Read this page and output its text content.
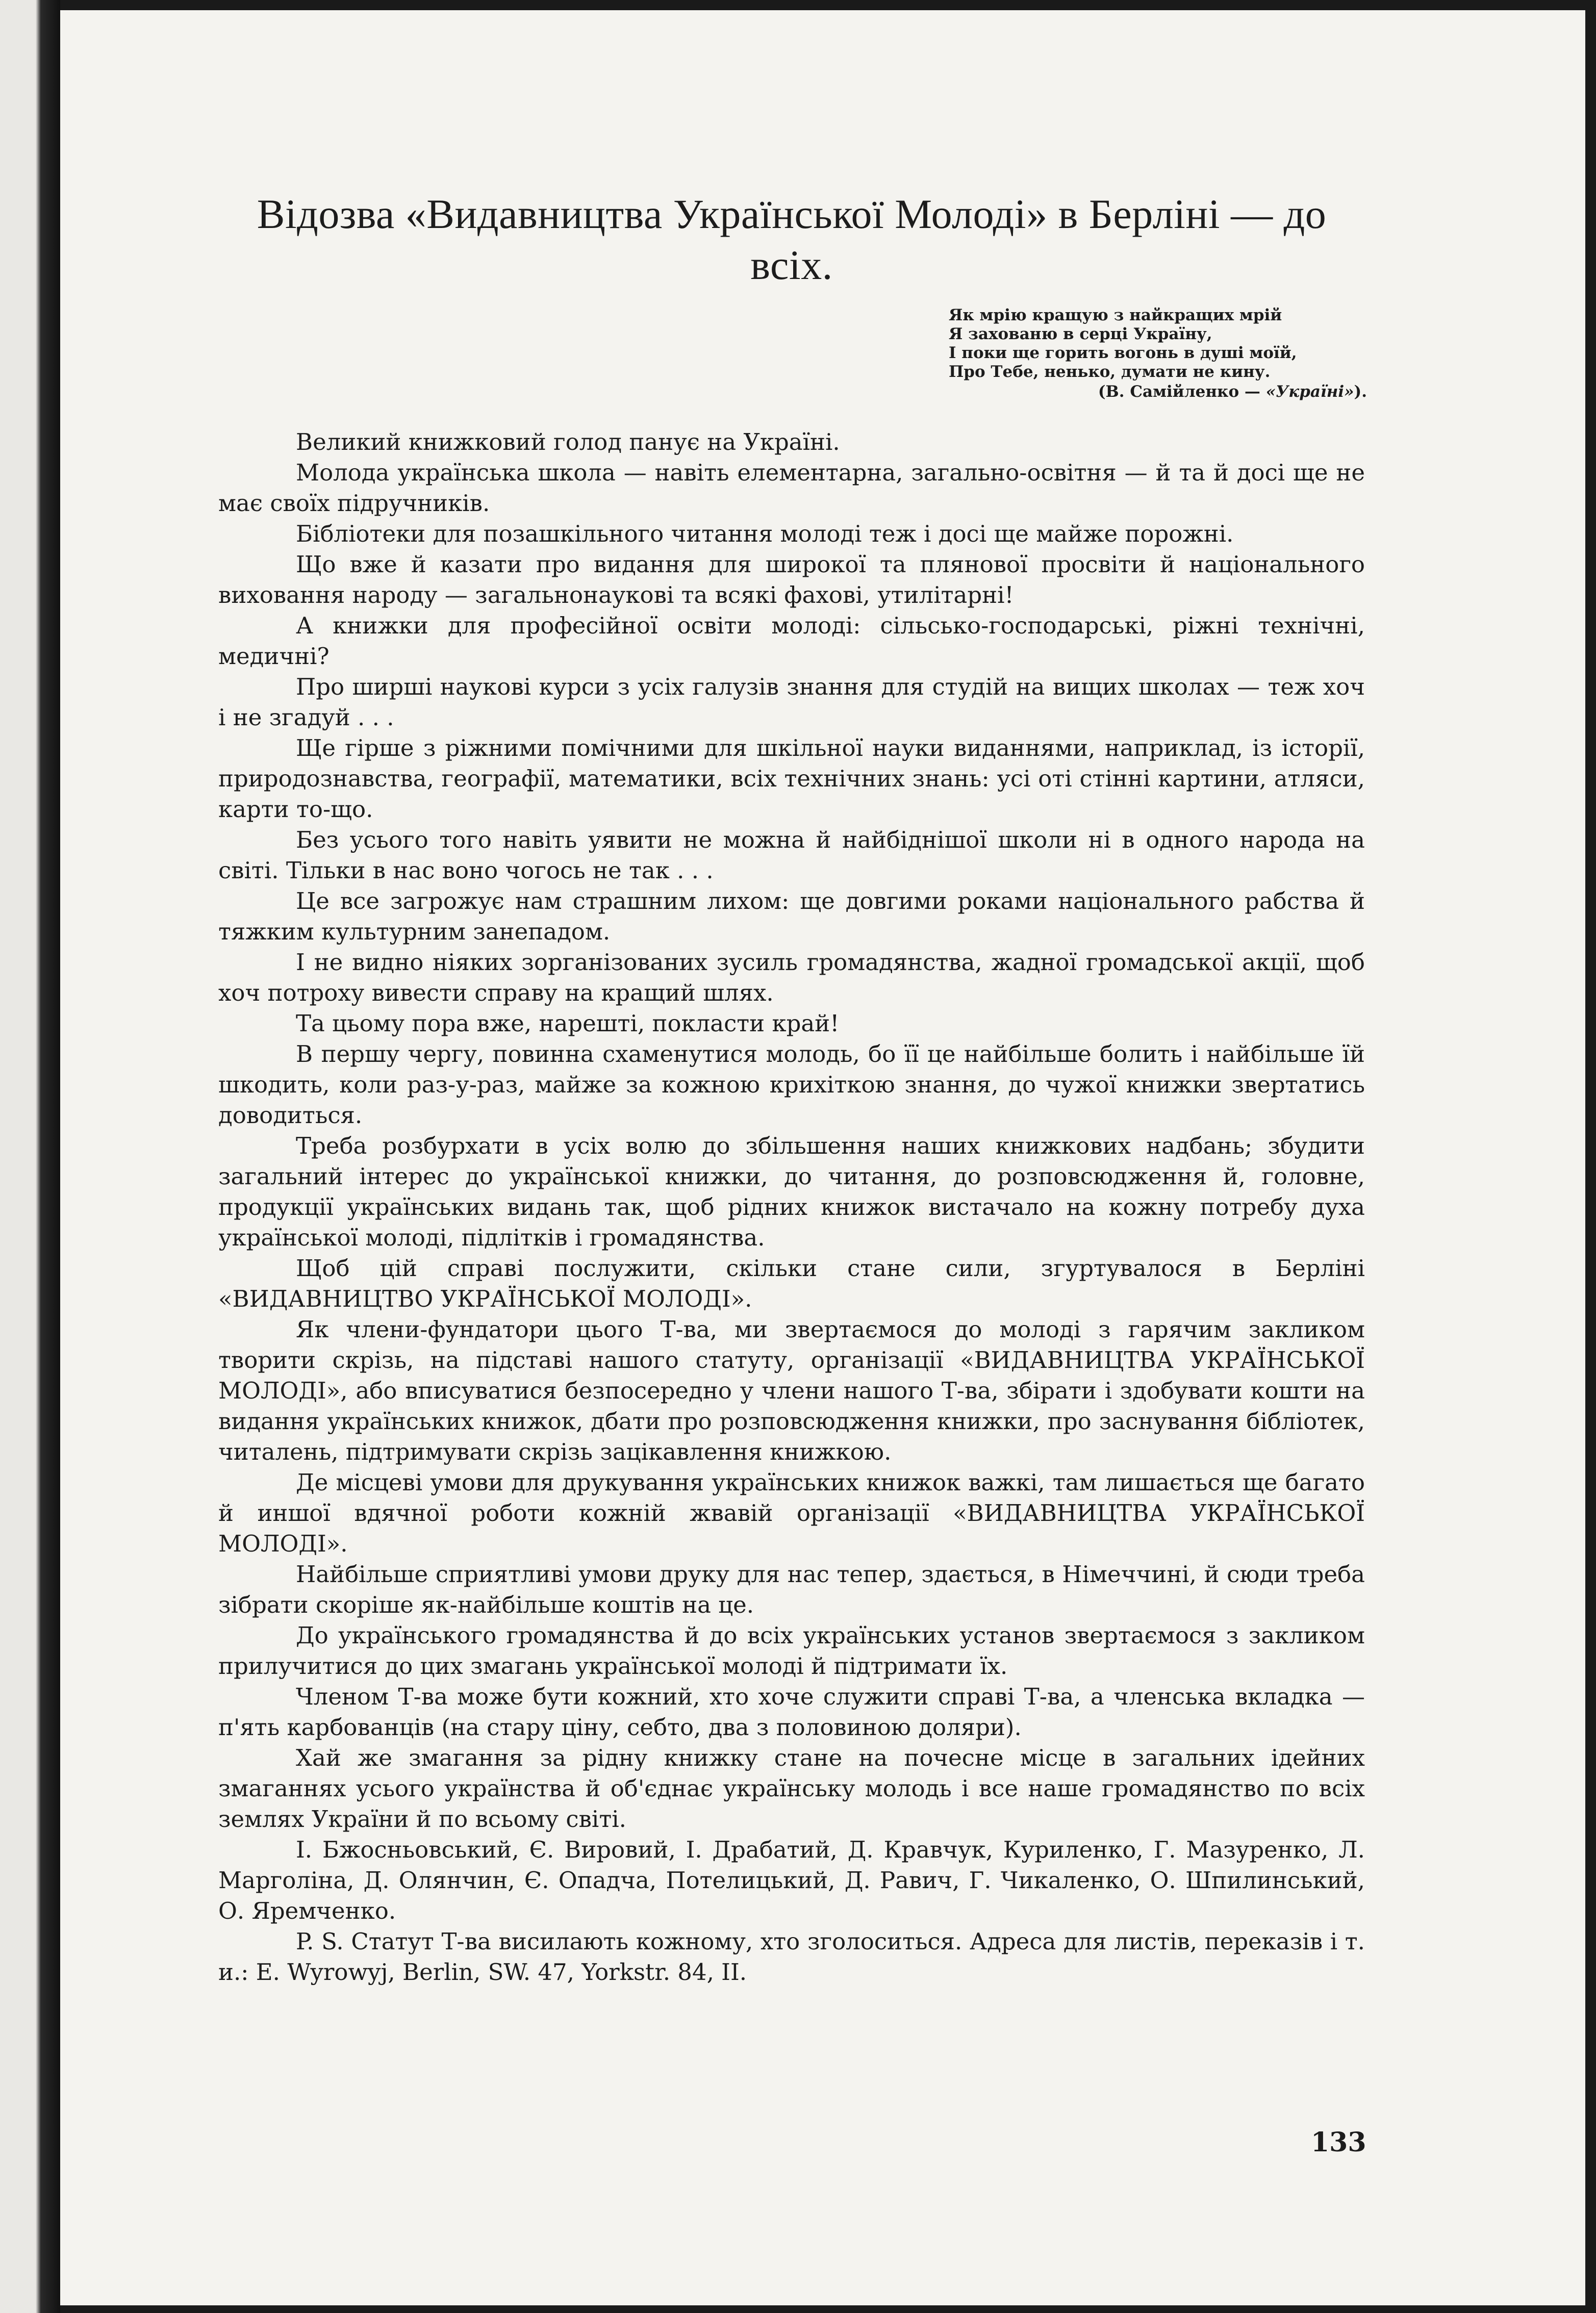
Відозва «Видавництва Української Молоді» в Берліні — до всіх.
Як мрію кращую з найкращих мрій
Я захованю в серці Україну,
І поки ще горить вогонь в душі моїй,
Про Тебе, ненько, думати не кину.
(В. Самійленко — «Україні»).

Великий книжковий голод панує на Україні.

Молода українська школа — навіть елементарна, загально-освітня — й та й досі ще не має своїх підручників.

Бібліотеки для позашкільного читання молоді теж і досі ще майже порожні.

Що вже й казати про видання для широкої та плянової просвіти й національного виховання народу — загальнонаукові та всякі фахові, утилітарні!

А книжки для професійної освіти молоді: сільсько-господарські, ріжні технічні, медичні?

Про ширші наукові курси з усіх галузів знання для студій на вищих школах — теж хоч і не згадуй . . .

Ще гірше з ріжними помічними для шкільної науки виданнями, наприклад, із історії, природознавства, географії, математики, всіх технічних знань: усі оті стінні картини, атляси, карти то-що.

Без усього того навіть уявити не можна й найбіднішої школи ні в одного народа на світі. Тільки в нас воно чогось не так . . .

Це все загрожує нам страшним лихом: ще довгими роками національного рабства й тяжким культурним занепадом.

І не видно ніяких зорганізованих зусиль громадянства, жадної громадської акції, щоб хоч потроху вивести справу на кращий шлях.

Та цьому пора вже, нарешті, покласти край!

В першу чергу, повинна схаменутися молодь, бо її це найбільше болить і найбільше їй шкодить, коли раз-у-раз, майже за кожною крихіткою знання, до чужої книжки звертатись доводиться.

Треба розбурхати в усіх волю до збільшення наших книжкових надбань; збудити загальний інтерес до української книжки, до читання, до розповсюдження й, головне, продукції українських видань так, щоб рідних книжок вистачало на кожну потребу духа української молоді, підлітків і громадянства.

Щоб цій справі послужити, скільки стане сили, згуртувалося в Берліні «ВИДАВНИЦТВО УКРАЇНСЬКОЇ МОЛОДІ».

Як члени-фундатори цього Т-ва, ми звертаємося до молоді з гарячим закликом творити скрізь, на підставі нашого статуту, організації «ВИДАВНИЦТВА УКРАЇНСЬКОЇ МОЛОДІ», або вписуватися безпосередно у члени нашого Т-ва, збірати і здобувати кошти на видання українських книжок, дбати про розповсюдження книжки, про заснування бібліотек, читалень, підтримувати скрізь зацікавлення книжкою.

Де місцеві умови для друкування українських книжок важкі, там лишається ще багато й иншої вдячної роботи кожній жвавій організації «ВИДАВНИЦТВА УКРАЇНСЬКОЇ МОЛОДІ».

Найбільше сприятливі умови друку для нас тепер, здається, в Німеччині, й сюди треба зібрати скоріше як-найбільше коштів на це.

До українського громадянства й до всіх українських установ звертаємося з закликом прилучитися до цих змагань української молоді й підтримати їх.

Членом Т-ва може бути кожний, хто хоче служити справі Т-ва, а членська вкладка — п'ять карбованців (на стару ціну, себто, два з половиною доляри).

Хай же змагання за рідну книжку стане на почесне місце в загальних ідейних змаганнях усього українства й об'єднає українську молодь і все наше громадянство по всіх землях України й по всьому світі.

І. Бжосньовський, Є. Вировий, І. Драбатий, Д. Кравчук, Куриленко, Г. Мазуренко, Л. Марголіна, Д. Олянчин, Є. Опадча, Потелицький, Д. Равич, Г. Чикаленко, О. Шпилинський, О. Яремченко.

P. S. Статут Т-ва висилають кожному, хто зголоситься. Адреса для листів, переказів і т. и.: E. Wyrowyj, Berlin, SW. 47, Yorkstr. 84, II.

133
